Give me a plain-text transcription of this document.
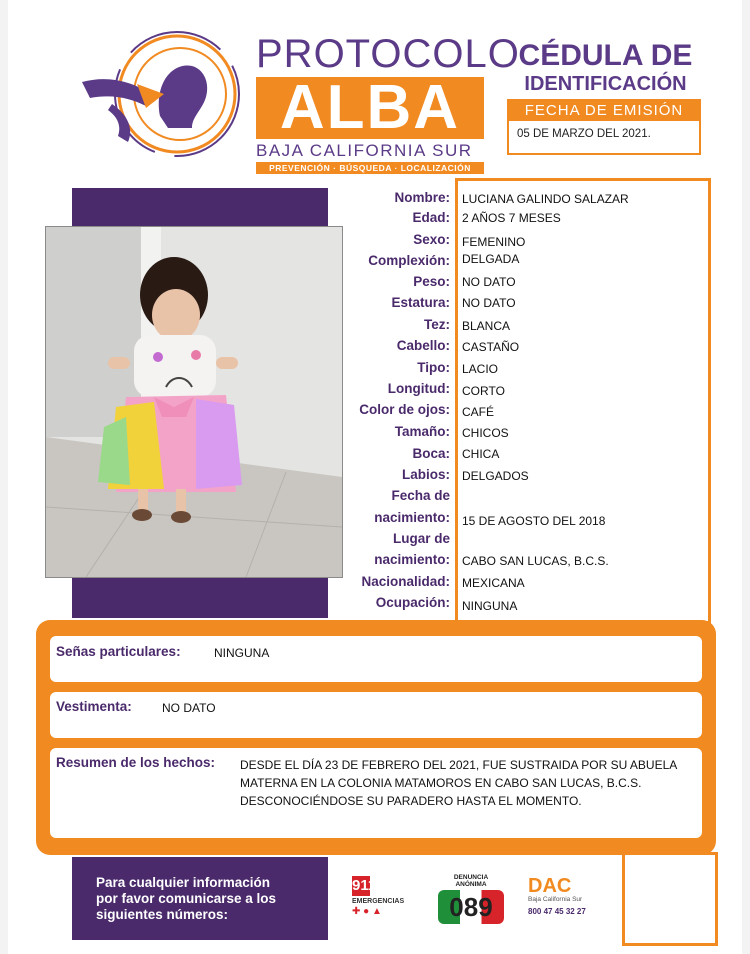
PROTOCOLO
ALBA
BAJA CALIFORNIA SUR
PREVENCIÓN · BÚSQUEDA · LOCALIZACIÓN
CÉDULA DE
IDENTIFICACIÓN
FECHA DE EMISIÓN
05 DE MARZO DEL 2021.
Nombre: LUCIANA GALINDO SALAZAR
Edad: 2 AÑOS 7 MESES
Sexo: FEMENINO
Complexión: DELGADA
Peso: NO DATO
Estatura: NO DATO
Tez: BLANCA
Cabello: CASTAÑO
Tipo: LACIO
Longitud: CORTO
Color de ojos: CAFÉ
Tamaño: CHICOS
Boca: CHICA
Labios: DELGADOS
Fecha de
nacimiento: 15 DE AGOSTO DEL 2018
Lugar de
nacimiento: CABO SAN LUCAS, B.C.S.
Nacionalidad: MEXICANA
Ocupación: NINGUNA
Señas particulares:	NINGUNA
Vestimenta:	NO DATO
Resumen de los hechos: DESDE EL DÍA 23 DE FEBRERO DEL 2021, FUE SUSTRAIDA POR SU ABUELA
MATERNA EN LA COLONIA MATAMOROS EN CABO SAN LUCAS, B.C.S.
DESCONOCIÉNDOSE SU PARADERO HASTA EL MOMENTO.
Para cualquier información
por favor comunicarse a los
siguientes números:
911
EMERGENCIAS
✚ ● ▲
DENUNCIA ANÓNIMA
089
DAC
Baja California Sur
800 47 45 32 27
